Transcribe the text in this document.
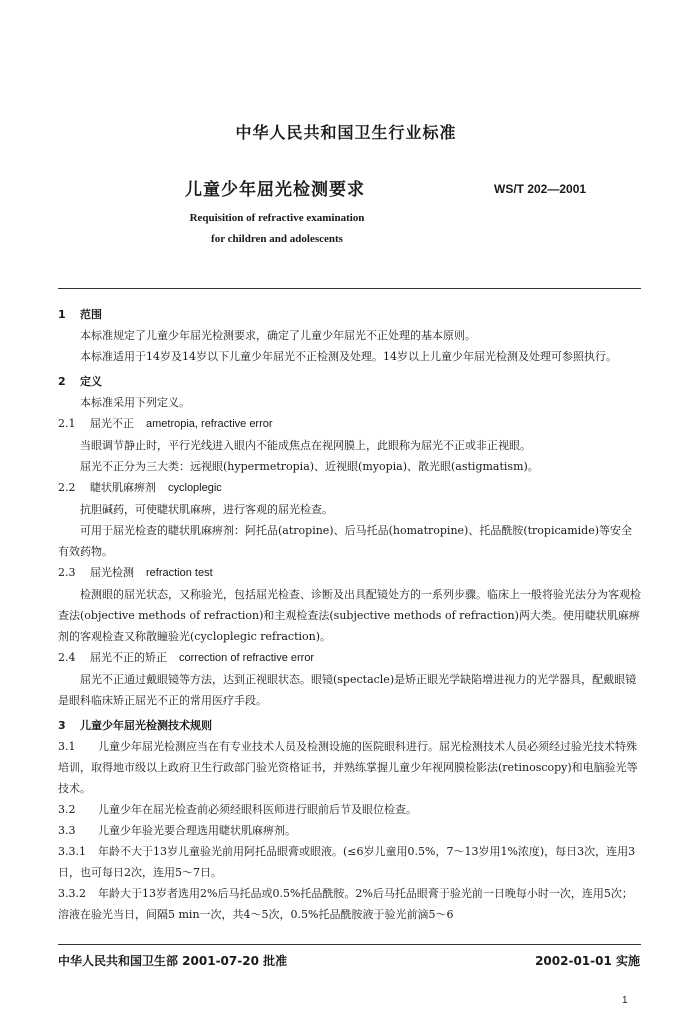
中华人民共和国卫生行业标准
儿童少年屈光检测要求	WS/T 202—2001
Requisition of refractive examination
for children and adolescents

1 范围

本标准规定了儿童少年屈光检测要求，确定了儿童少年屈光不正处理的基本原则。

本标准适用于14岁及14岁以下儿童少年屈光不正检测及处理。14岁以上儿童少年屈光检测及处理可参照执行。

2 定义

本标准采用下列定义。

2.1 屈光不正 ametropia, refractive error

当眼调节静止时，平行光线进入眼内不能成焦点在视网膜上，此眼称为屈光不正或非正视眼。

屈光不正分为三大类：远视眼(hypermetropia)、近视眼(myopia)、散光眼(astigmatism)。

2.2 睫状肌麻痹剂 cycloplegic

抗胆碱药，可使睫状肌麻痹，进行客观的屈光检查。

可用于屈光检查的睫状肌麻痹剂：阿托品(atropine)、后马托品(homatropine)、托品酰胺(tropicamide)等安全有效药物。

2.3 屈光检测 refraction test

检测眼的屈光状态，又称验光，包括屈光检查、诊断及出具配镜处方的一系列步骤。临床上一般将验光法分为客观检查法(objective methods of refraction)和主观检查法(subjective methods of refraction)两大类。使用睫状肌麻痹剂的客观检查又称散瞳验光(cycloplegic refraction)。

2.4 屈光不正的矫正 correction of refractive error

屈光不正通过戴眼镜等方法，达到正视眼状态。眼镜(spectacle)是矫正眼光学缺陷增进视力的光学器具，配戴眼镜是眼科临床矫正屈光不正的常用医疗手段。

3 儿童少年屈光检测技术规则

3.1 儿童少年屈光检测应当在有专业技术人员及检测设施的医院眼科进行。屈光检测技术人员必须经过验光技术特殊培训，取得地市级以上政府卫生行政部门验光资格证书，并熟练掌握儿童少年视网膜检影法(retinoscopy)和电脑验光等技术。

3.2 儿童少年在屈光检查前必须经眼科医师进行眼前后节及眼位检查。

3.3 儿童少年验光要合理选用睫状肌麻痹剂。

3.3.1 年龄不大于13岁儿童验光前用阿托品眼膏或眼液。(≤6岁儿童用0.5%，7～13岁用1%浓度)，每日3次，连用3日，也可每日2次，连用5～7日。

3.3.2 年龄大于13岁者选用2%后马托品或0.5%托品酰胺。2%后马托品眼膏于验光前一日晚每小时一次，连用5次；溶液在验光当日，间隔5 min一次，共4～5次，0.5%托品酰胺液于验光前滴5～6

中华人民共和国卫生部 2001-07-20 批准	2002-01-01 实施
1
